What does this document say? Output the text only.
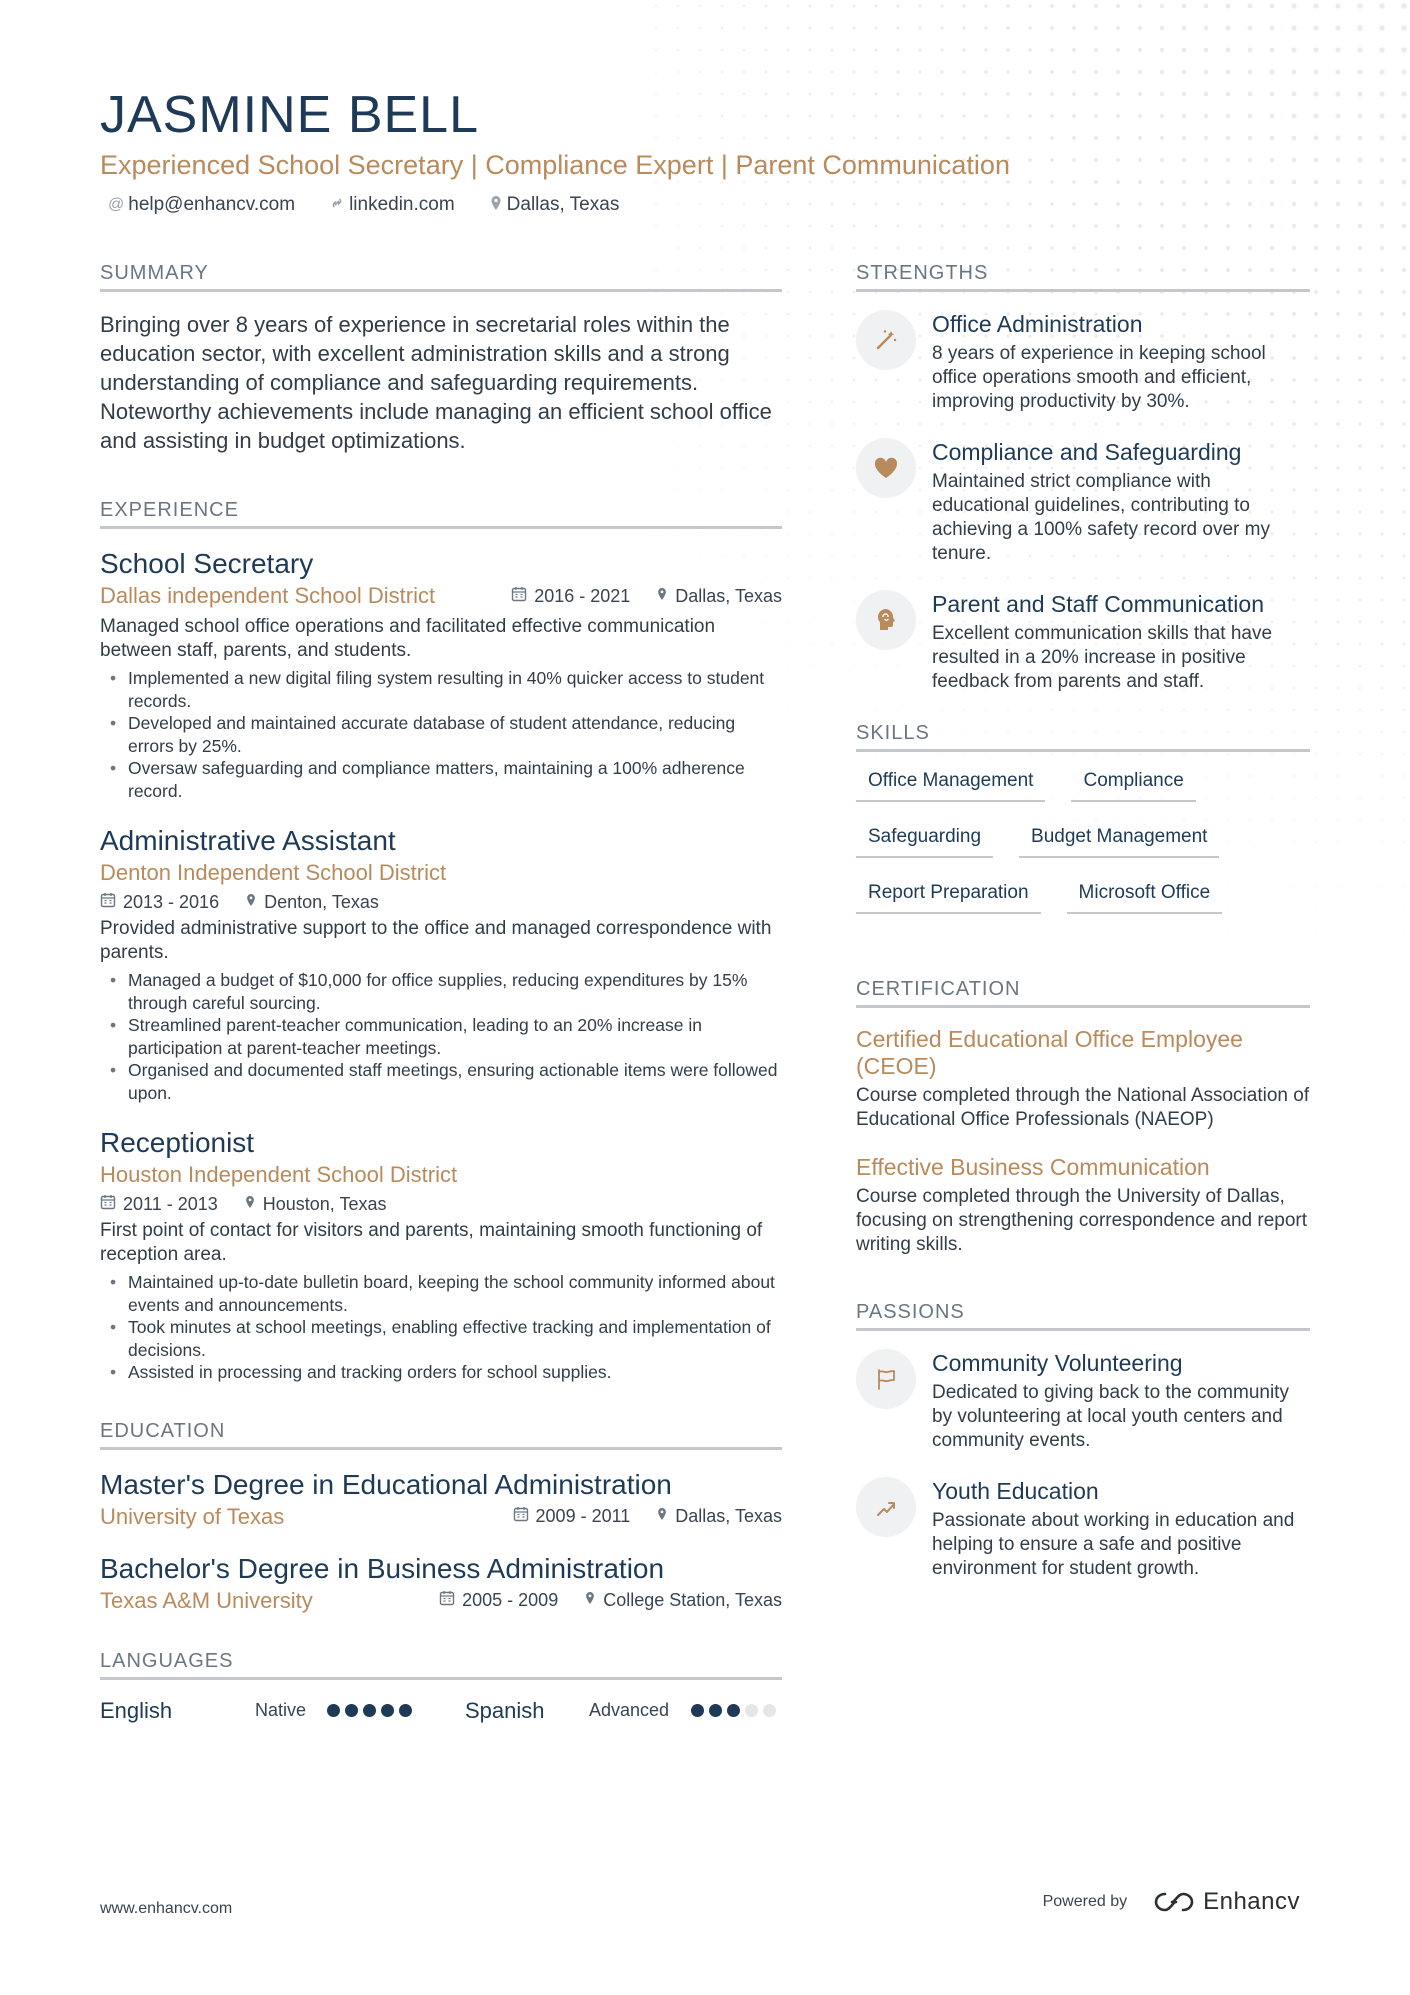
JASMINE BELL
Experienced School Secretary | Compliance Expert | Parent Communication
@ help@enhancv.com	linkedin.com	Dallas, Texas
SUMMARY

Bringing over 8 years of experience in secretarial roles within the education sector, with excellent administration skills and a strong understanding of compliance and safeguarding requirements. Noteworthy achievements include managing an efficient school office and assisting in budget optimizations.

EXPERIENCE
School Secretary
Dallas independent School District	2016 - 2021	Dallas, Texas

Managed school office operations and facilitated effective communication between staff, parents, and students.

• Implemented a new digital filing system resulting in 40% quicker access to student records.
• Developed and maintained accurate database of student attendance, reducing errors by 25%.
• Oversaw safeguarding and compliance matters, maintaining a 100% adherence record.
Administrative Assistant
Denton Independent School District
2013 - 2016	Denton, Texas

Provided administrative support to the office and managed correspondence with parents.

• Managed a budget of $10,000 for office supplies, reducing expenditures by 15% through careful sourcing.
• Streamlined parent-teacher communication, leading to an 20% increase in participation at parent-teacher meetings.
• Organised and documented staff meetings, ensuring actionable items were followed upon.
Receptionist
Houston Independent School District
2011 - 2013	Houston, Texas

First point of contact for visitors and parents, maintaining smooth functioning of reception area.

• Maintained up-to-date bulletin board, keeping the school community informed about events and announcements.
• Took minutes at school meetings, enabling effective tracking and implementation of decisions.
• Assisted in processing and tracking orders for school supplies.
EDUCATION
Master's Degree in Educational Administration
University of Texas	2009 - 2011	Dallas, Texas
Bachelor's Degree in Business Administration
Texas A&M University	2005 - 2009	College Station, Texas
LANGUAGES
English	Native	Spanish	Advanced
STRENGTHS
Office Administration
8 years of experience in keeping school office operations smooth and efficient, improving productivity by 30%.
Compliance and Safeguarding
Maintained strict compliance with educational guidelines, contributing to achieving a 100% safety record over my tenure.
Parent and Staff Communication
Excellent communication skills that have resulted in a 20% increase in positive feedback from parents and staff.
SKILLS
Office Management	Compliance
Safeguarding	Budget Management
Report Preparation	Microsoft Office
CERTIFICATION
Certified Educational Office Employee (CEOE)
Course completed through the National Association of Educational Office Professionals (NAEOP)
Effective Business Communication
Course completed through the University of Dallas, focusing on strengthening correspondence and report writing skills.
PASSIONS
Community Volunteering
Dedicated to giving back to the community by volunteering at local youth centers and community events.
Youth Education
Passionate about working in education and helping to ensure a safe and positive environment for student growth.
www.enhancv.com	Powered by	Enhancv
